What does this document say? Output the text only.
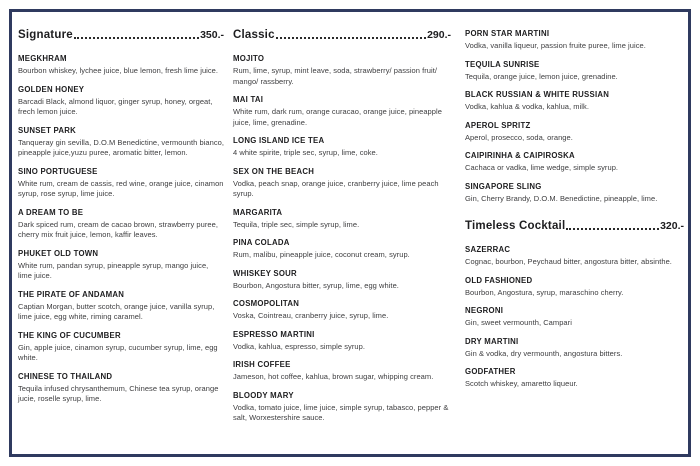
Signature	350.-
MEGKHRAM
Bourbon whiskey, lychee juice, blue lemon, fresh lime juice.
GOLDEN HONEY
Barcadi Black, almond liquor, ginger syrup, honey, orgeat, frech lemon juice.
SUNSET PARK
Tanqueray gin sevilla, D.O.M Benedictine, vermounth bianco, pineapple juice,yuzu puree, aromatic bitter, lemon.
SINO PORTUGUESE
White rum, cream de cassis, red wine, orange juice, cinamon syrup, rose syrup, lime juice.
A DREAM TO BE
Dark spiced rum, cream de cacao brown, strawberry puree, cherry mix fruit juice, lemon, kaffir leaves.
PHUKET OLD TOWN
White rum, pandan syrup, pineapple syrup, mango juice, lime juice.
THE PIRATE OF ANDAMAN
Captian Morgan, butter scotch, orange juice, vanilla syrup, lime juice, egg white, riming caramel.
THE KING OF CUCUMBER
Gin, apple juice, cinamon syrup, cucumber syrup, lime, egg white.
CHINESE TO THAILAND
Tequila infused chrysanthemum, Chinese tea syrup, orange jucie, roselle syrup, lime.
Classic	290.-
MOJITO
Rum, lime, syrup, mint leave, soda, strawberry/ passion fruit/ mango/ rassberry.
MAI TAI
White rum, dark rum, orange curacao, orange juice, pineapple juice, lime, grenadine.
LONG ISLAND ICE TEA
4 white spirite, triple sec, syrup, lime, coke.
SEX ON THE BEACH
Vodka, peach snap, orange juice, cranberry juice, lime peach syrup.
MARGARITA
Tequila, triple sec, simple syrup, lime.
PINA COLADA
Rum, malibu, pineapple juice, coconut cream, syrup.
WHISKEY SOUR
Bourbon, Angostura bitter, syrup, lime, egg white.
COSMOPOLITAN
Voska, Cointreau, cranberry juice, syrup, lime.
ESPRESSO MARTINI
Vodka, kahlua, espresso, simple syrup.
IRISH COFFEE
Jameson, hot coffee, kahlua, brown sugar, whipping cream.
BLOODY MARY
Vodka, tomato juice, lime juice, simple syrup, tabasco, pepper & salt, Worxestershire sauce.
PORN STAR MARTINI
Vodka, vanilla liqueur, passion fruite puree, lime juice.
TEQUILA SUNRISE
Tequila, orange juice, lemon juice, grenadine.
BLACK RUSSIAN & WHITE RUSSIAN
Vodka, kahlua & vodka, kahlua, milk.
APEROL SPRITZ
Aperol, prosecco, soda, orange.
CAIPIRINHA & CAIPIROSKA
Cachaca or vadka, lime wedge, simple syrup.
SINGAPORE SLING
Gin, Cherry Brandy, D.O.M. Benedictine, pineapple, lime.
Timeless Cocktail	320.-
SAZERRAC
Cognac, bourbon, Peychaud bitter, angostura bitter, absinthe.
OLD FASHIONED
Bourbon, Angostura, syrup, maraschino cherry.
NEGRONI
Gin, sweet vermounth, Campari
DRY MARTINI
Gin & vodka, dry vermounth, angostura bitters.
GODFATHER
Scotch whiskey, amaretto liqueur.
